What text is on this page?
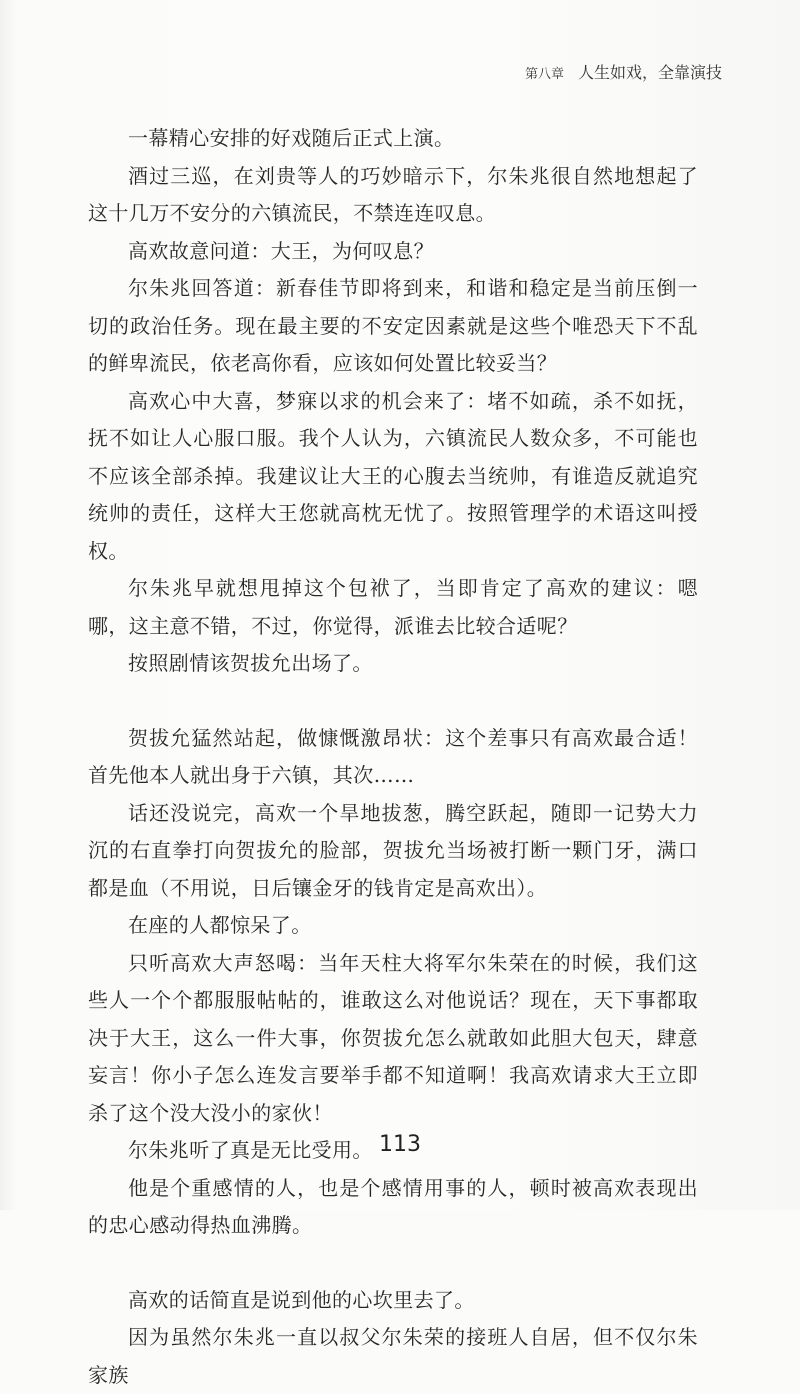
第八章 人生如戏，全靠演技

一幕精心安排的好戏随后正式上演。

酒过三巡，在刘贵等人的巧妙暗示下，尔朱兆很自然地想起了这十几万不安分的六镇流民，不禁连连叹息。

高欢故意问道：大王，为何叹息？

尔朱兆回答道：新春佳节即将到来，和谐和稳定是当前压倒一切的政治任务。现在最主要的不安定因素就是这些个唯恐天下不乱的鲜卑流民，依老高你看，应该如何处置比较妥当？

高欢心中大喜，梦寐以求的机会来了：堵不如疏，杀不如抚，抚不如让人心服口服。我个人认为，六镇流民人数众多，不可能也不应该全部杀掉。我建议让大王的心腹去当统帅，有谁造反就追究统帅的责任，这样大王您就高枕无忧了。按照管理学的术语这叫授权。

尔朱兆早就想甩掉这个包袱了，当即肯定了高欢的建议：嗯哪，这主意不错，不过，你觉得，派谁去比较合适呢？

按照剧情该贺拔允出场了。

贺拔允猛然站起，做慷慨激昂状：这个差事只有高欢最合适！首先他本人就出身于六镇，其次……

话还没说完，高欢一个旱地拔葱，腾空跃起，随即一记势大力沉的右直拳打向贺拔允的脸部，贺拔允当场被打断一颗门牙，满口都是血（不用说，日后镶金牙的钱肯定是高欢出）。

在座的人都惊呆了。

只听高欢大声怒喝：当年天柱大将军尔朱荣在的时候，我们这些人一个个都服服帖帖的，谁敢这么对他说话？现在，天下事都取决于大王，这么一件大事，你贺拔允怎么就敢如此胆大包天，肆意妄言！你小子怎么连发言要举手都不知道啊！我高欢请求大王立即杀了这个没大没小的家伙！

尔朱兆听了真是无比受用。

他是个重感情的人，也是个感情用事的人，顿时被高欢表现出的忠心感动得热血沸腾。

高欢的话简直是说到他的心坎里去了。

因为虽然尔朱兆一直以叔父尔朱荣的接班人自居，但不仅尔朱家族

113
